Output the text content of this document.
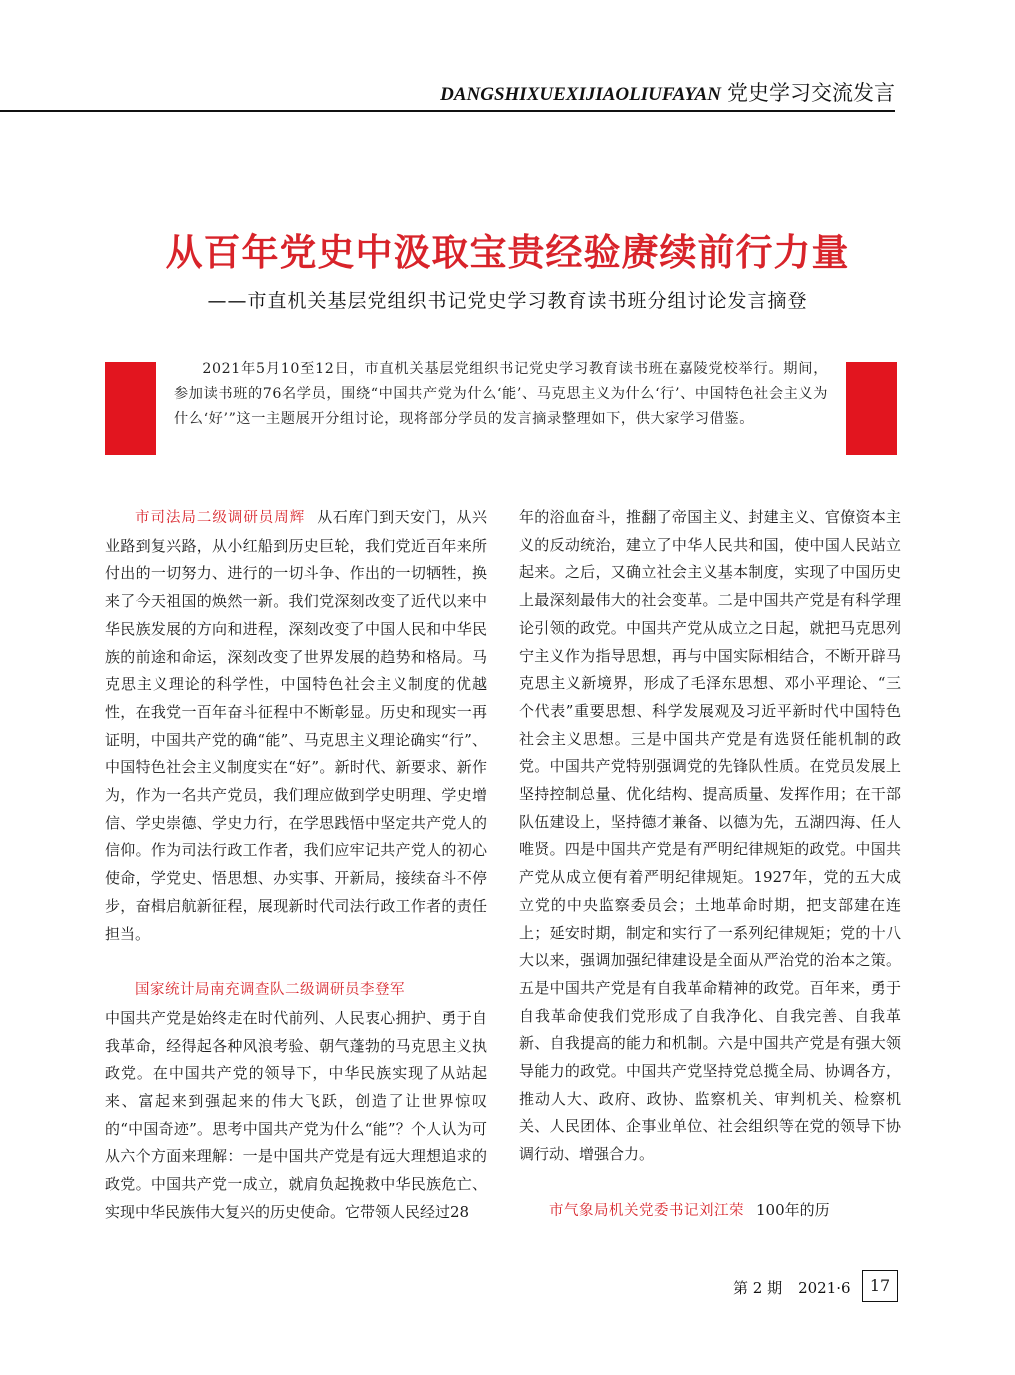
DANGSHIXUEXIJIAOLIUFAYAN 党史学习交流发言
从百年党史中汲取宝贵经验赓续前行力量
——市直机关基层党组织书记党史学习教育读书班分组讨论发言摘登
2021年5月10至12日，市直机关基层党组织书记党史学习教育读书班在嘉陵党校举行。期间，参加读书班的76名学员，围绕“中国共产党为什么‘能’、马克思主义为什么‘行’、中国特色社会主义为什么‘好’”这一主题展开分组讨论，现将部分学员的发言摘录整理如下，供大家学习借鉴。

市司法局二级调研员周辉 从石库门到天安门，从兴业路到复兴路，从小红船到历史巨轮，我们党近百年来所付出的一切努力、进行的一切斗争、作出的一切牺牲，换来了今天祖国的焕然一新。我们党深刻改变了近代以来中华民族发展的方向和进程，深刻改变了中国人民和中华民族的前途和命运，深刻改变了世界发展的趋势和格局。马克思主义理论的科学性，中国特色社会主义制度的优越性，在我党一百年奋斗征程中不断彰显。历史和现实一再证明，中国共产党的确“能”、马克思主义理论确实“行”、中国特色社会主义制度实在“好”。新时代、新要求、新作为，作为一名共产党员，我们理应做到学史明理、学史增信、学史崇德、学史力行，在学思践悟中坚定共产党人的信仰。作为司法行政工作者，我们应牢记共产党人的初心使命，学党史、悟思想、办实事、开新局，接续奋斗不停步，奋楫启航新征程，展现新时代司法行政工作者的责任担当。

国家统计局南充调查队二级调研员李登军

中国共产党是始终走在时代前列、人民衷心拥护、勇于自我革命，经得起各种风浪考验、朝气蓬勃的马克思主义执政党。在中国共产党的领导下，中华民族实现了从站起来、富起来到强起来的伟大飞跃，创造了让世界惊叹的“中国奇迹”。思考中国共产党为什么“能”？个人认为可从六个方面来理解：一是中国共产党是有远大理想追求的政党。中国共产党一成立，就肩负起挽救中华民族危亡、实现中华民族伟大复兴的历史使命。它带领人民经过28

年的浴血奋斗，推翻了帝国主义、封建主义、官僚资本主义的反动统治，建立了中华人民共和国，使中国人民站立起来。之后，又确立社会主义基本制度，实现了中国历史上最深刻最伟大的社会变革。二是中国共产党是有科学理论引领的政党。中国共产党从成立之日起，就把马克思列宁主义作为指导思想，再与中国实际相结合，不断开辟马克思主义新境界，形成了毛泽东思想、邓小平理论、“三个代表”重要思想、科学发展观及习近平新时代中国特色社会主义思想。三是中国共产党是有选贤任能机制的政党。中国共产党特别强调党的先锋队性质。在党员发展上坚持控制总量、优化结构、提高质量、发挥作用；在干部队伍建设上，坚持德才兼备、以德为先，五湖四海、任人唯贤。四是中国共产党是有严明纪律规矩的政党。中国共产党从成立便有着严明纪律规矩。1927年，党的五大成立党的中央监察委员会；土地革命时期，把支部建在连上；延安时期，制定和实行了一系列纪律规矩；党的十八大以来，强调加强纪律建设是全面从严治党的治本之策。五是中国共产党是有自我革命精神的政党。百年来，勇于自我革命使我们党形成了自我净化、自我完善、自我革新、自我提高的能力和机制。六是中国共产党是有强大领导能力的政党。中国共产党坚持党总揽全局、协调各方，推动人大、政府、政协、监察机关、审判机关、检察机关、人民团体、企事业单位、社会组织等在党的领导下协调行动、增强合力。

市气象局机关党委书记刘江荣 100年的历

第 2 期 2021·6	17
